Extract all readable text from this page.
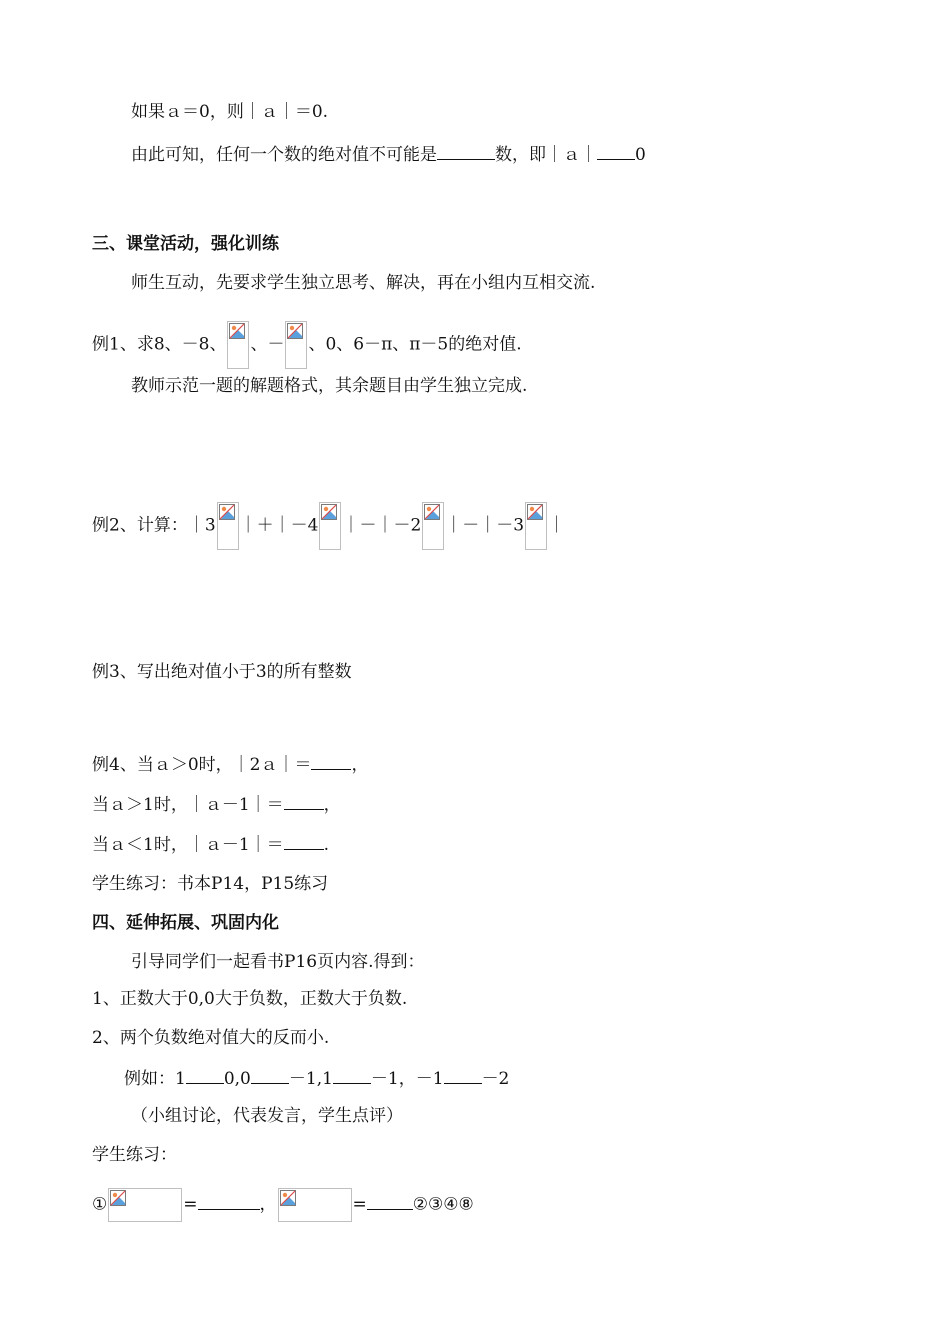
如果ａ＝0，则｜ａ｜＝0.
由此可知，任何一个数的绝对值不可能是	数，即｜ａ｜ 0
三、课堂活动，强化训练
师生互动，先要求学生独立思考、解决，再在小组内互相交流.
例1、求8、－8、 、－ 、0、6－π、π－5的绝对值.
教师示范一题的解题格式，其余题目由学生独立完成.
例2、计算：｜3 ｜＋｜－4 ｜－｜－2 ｜－｜－3 ｜
例3、写出绝对值小于3的所有整数
例4、当ａ＞0时，｜2ａ｜＝ ，
当ａ＞1时，｜ａ－1｜＝ ，
当ａ＜1时，｜ａ－1｜＝ .
学生练习：书本P14，P15练习
四、延伸拓展、巩固内化
引导同学们一起看书P16页内容.得到：
1、正数大于0,0大于负数，正数大于负数.
2、两个负数绝对值大的反而小.
例如：1 0,0 －1,1 －1，－1 －2
（小组讨论，代表发言，学生点评）
学生练习：
①	=	，	=	②③④⑧
